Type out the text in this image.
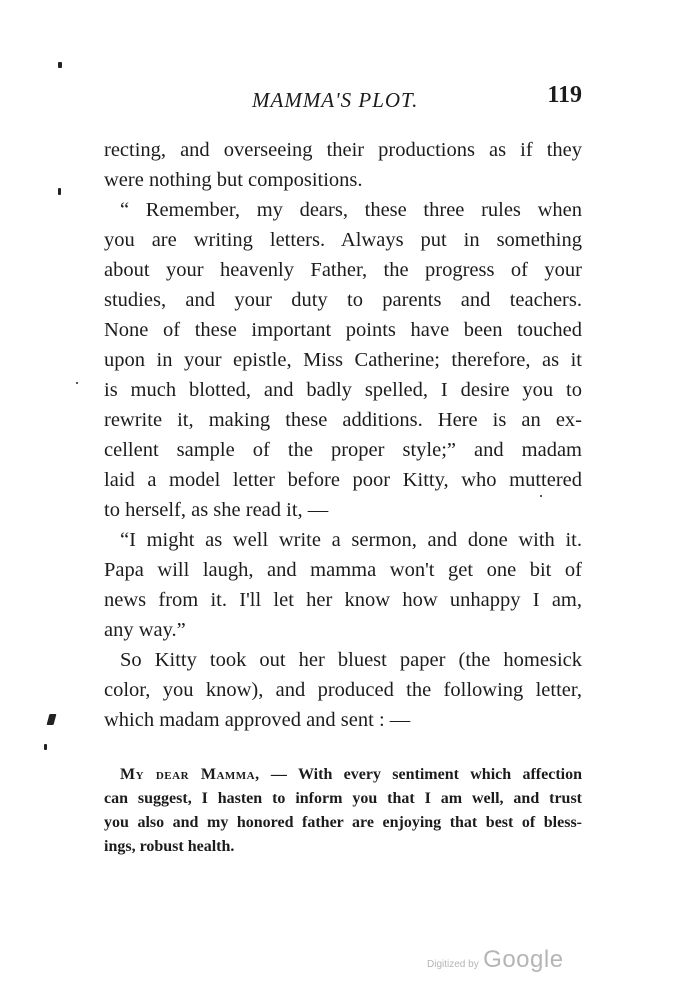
MAMMA'S PLOT.	119
recting, and overseeing their productions as if they
were nothing but compositions.
“ Remember, my dears, these three rules when
you are writing letters. Always put in something
about your heavenly Father, the progress of your
studies, and your duty to parents and teachers.
None of these important points have been touched
upon in your epistle, Miss Catherine; therefore, as it
is much blotted, and badly spelled, I desire you to
rewrite it, making these additions. Here is an ex-
cellent sample of the proper style;” and madam
laid a model letter before poor Kitty, who muttered
to herself, as she read it, —
“I might as well write a sermon, and done with it.
Papa will laugh, and mamma won't get one bit of
news from it. I'll let her know how unhappy I am,
any way.”
So Kitty took out her bluest paper (the homesick
color, you know), and produced the following letter,
which madam approved and sent : —
My dear Mamma, — With every sentiment which affection
can suggest, I hasten to inform you that I am well, and trust
you also and my honored father are enjoying that best of bless-
ings, robust health.
Digitized by Google
